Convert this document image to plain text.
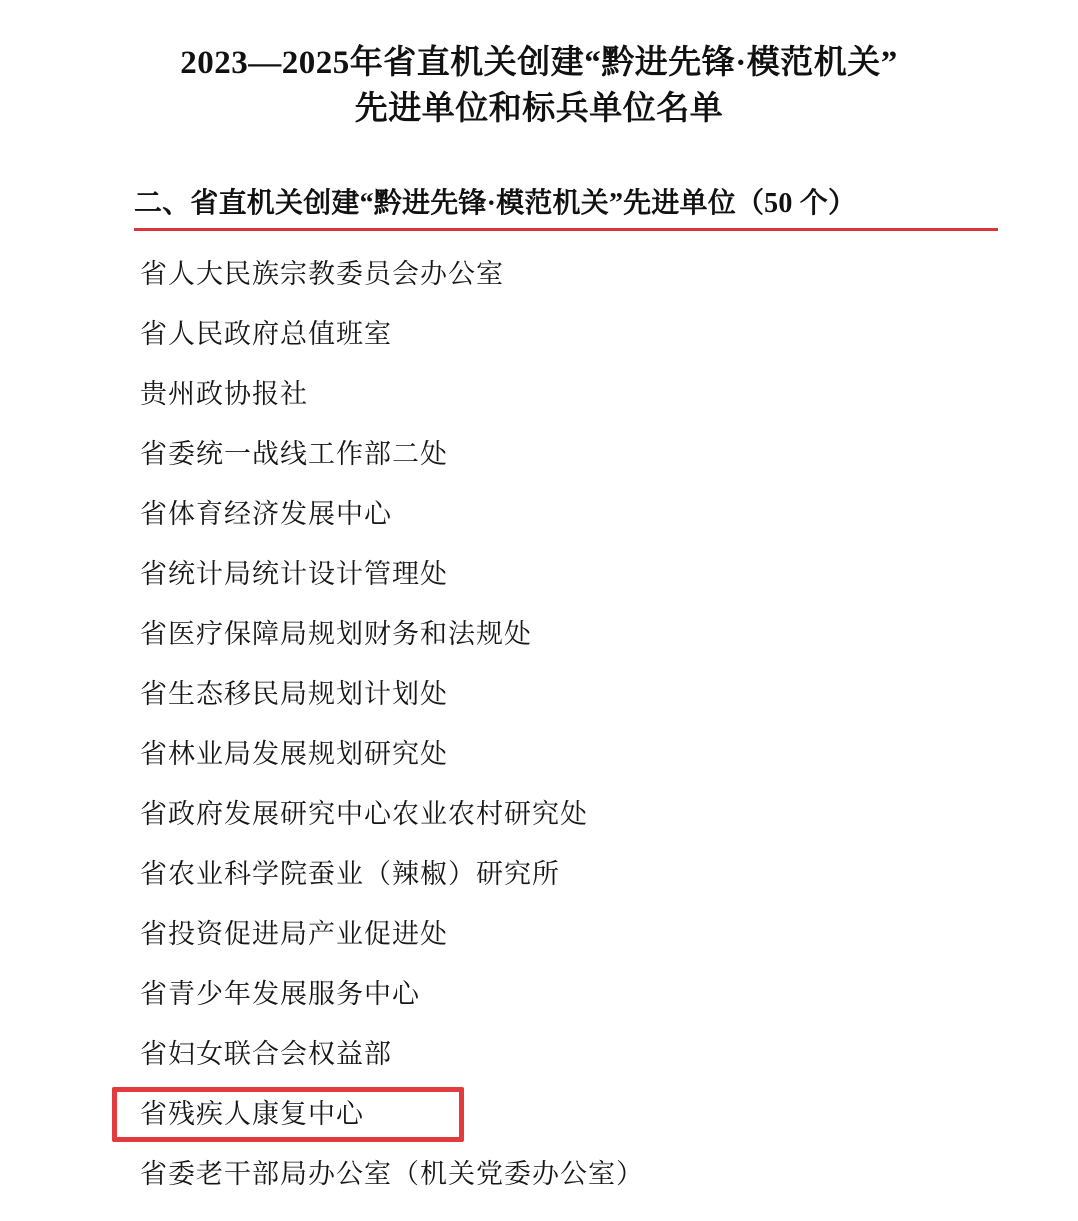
2023—2025年省直机关创建“黔进先锋·模范机关”
先进单位和标兵单位名单
二、省直机关创建“黔进先锋·模范机关”先进单位（50 个）
省人大民族宗教委员会办公室
省人民政府总值班室
贵州政协报社
省委统一战线工作部二处
省体育经济发展中心
省统计局统计设计管理处
省医疗保障局规划财务和法规处
省生态移民局规划计划处
省林业局发展规划研究处
省政府发展研究中心农业农村研究处
省农业科学院蚕业（辣椒）研究所
省投资促进局产业促进处
省青少年发展服务中心
省妇女联合会权益部
省残疾人康复中心
省委老干部局办公室（机关党委办公室）
